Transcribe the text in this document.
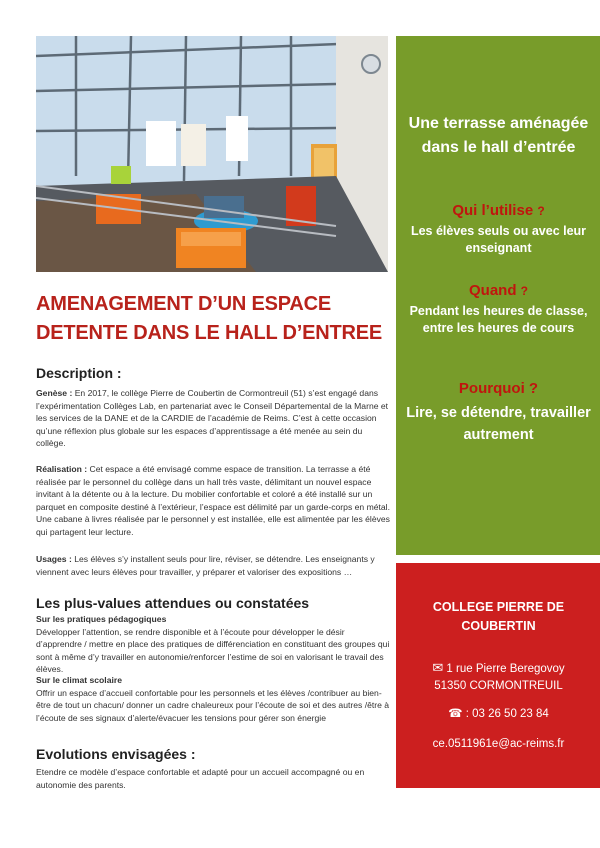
Une terrasse aménagée dans le hall d’entrée
Qui l’utilise ?
Les élèves seuls ou avec leur enseignant
Quand ?
Pendant les heures de classe, entre les heures de cours
Pourquoi ?
Lire, se détendre, travailler autrement
COLLEGE PIERRE DE COUBERTIN
✉ 1 rue Pierre Beregovoy
51350 CORMONTREUIL
☎ : 03 26 50 23 84
ce.0511961e@ac-reims.fr
AMENAGEMENT D’UN ESPACE DETENTE DANS LE HALL D’ENTREE
Description :
Genèse : En 2017, le collège Pierre de Coubertin de Cormontreuil (51) s’est engagé dans l’expérimentation Collèges Lab, en partenariat avec le Conseil Départemental de la Marne et les services de la DANE et de la CARDIE de l’académie de Reims. C’est à cette occasion qu’une réflexion plus globale sur les espaces d’apprentissage a été menée au sein du collège.
Réalisation : Cet espace a été envisagé comme espace de transition. La terrasse a été réalisée par le personnel du collège dans un hall très vaste, délimitant un nouvel espace invitant à la détente ou à la lecture. Du mobilier confortable et coloré a été installé sur un parquet en composite destiné à l’extérieur, l’espace est délimité par un garde-corps en métal. Une cabane à livres réalisée par le personnel y est installée, elle est alimentée par les élèves qui partagent leur lecture.
Usages : Les élèves s’y installent seuls pour lire, réviser, se détendre. Les enseignants y viennent avec leurs élèves pour travailler, y préparer et valoriser des expositions …
Les plus-values attendues ou constatées
Sur les pratiques pédagogiques
Développer l’attention, se rendre disponible et à l’écoute pour développer le désir d’apprendre / mettre en place des pratiques de différenciation en constituant des groupes qui sont à même d’y travailler en autonomie/renforcer l’estime de soi en valorisant le travail des élèves.
Sur le climat scolaire
Offrir un espace d’accueil confortable pour les personnels et les élèves /contribuer au bien-être de tout un chacun/ donner un cadre chaleureux pour l’écoute de soi et des autres /être à l’écoute de ses signaux d’alerte/évacuer les tensions pour gérer son énergie
Evolutions envisagées :
Etendre ce modèle d’espace confortable et adapté pour un accueil accompagné ou en autonomie des parents.
